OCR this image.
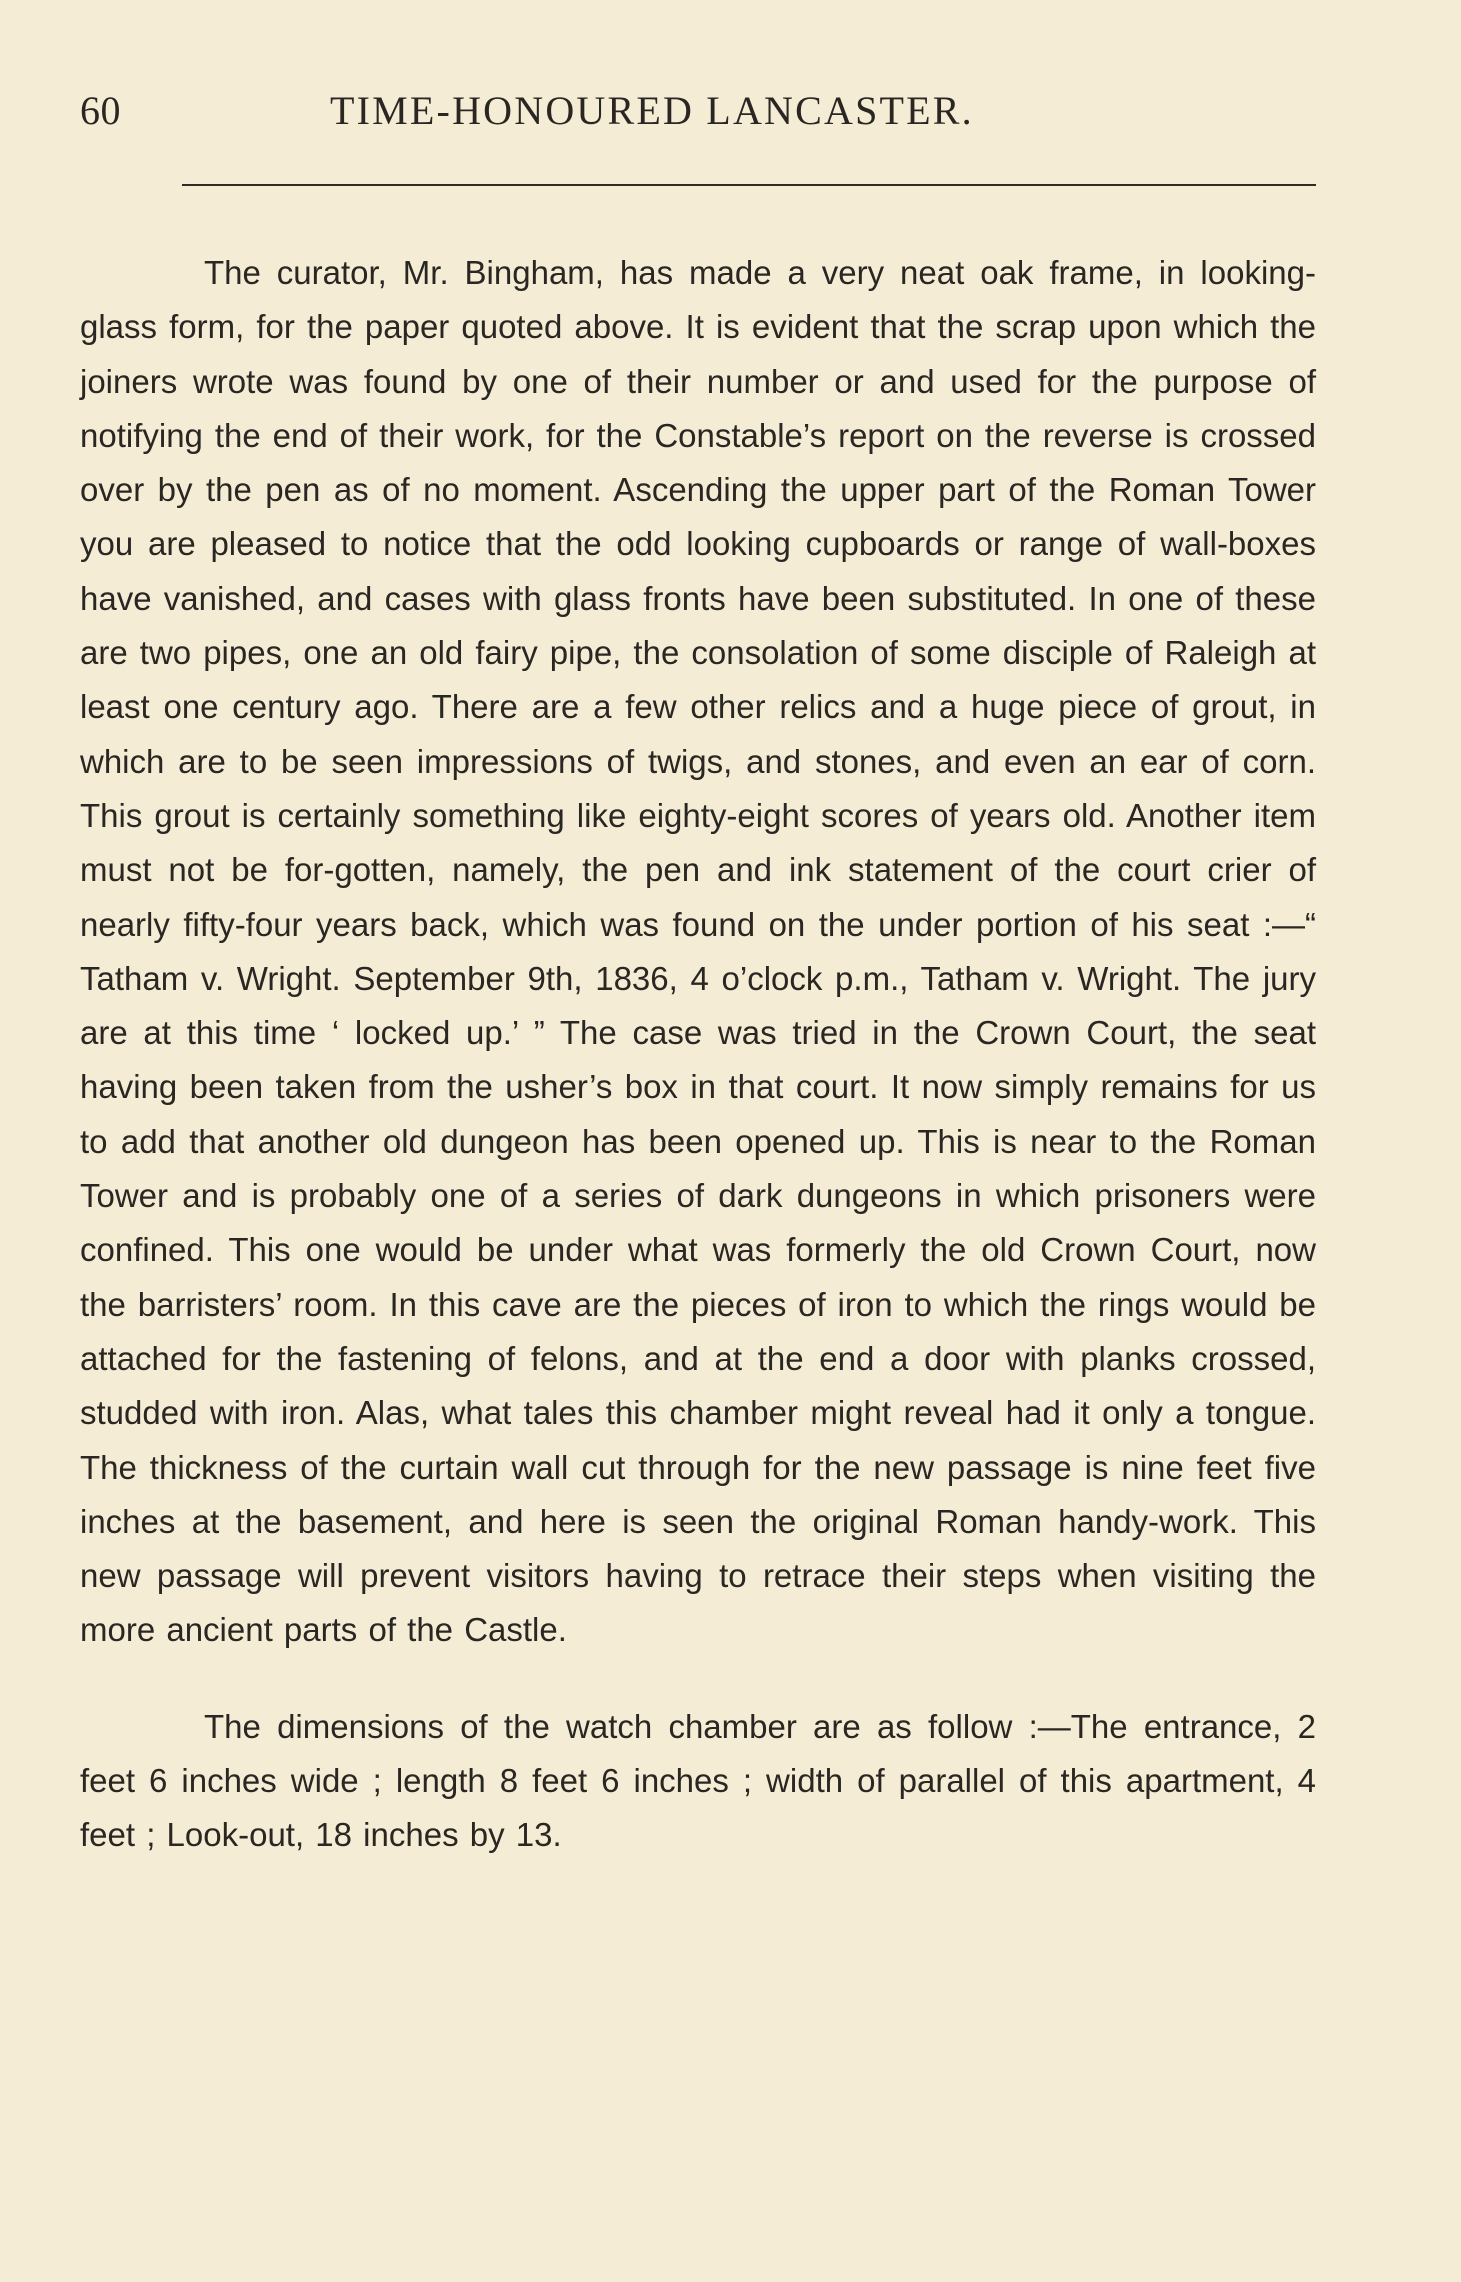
60	TIME-HONOURED LANCASTER.

The curator, Mr. Bingham, has made a very neat oak frame, in looking-glass form, for the paper quoted above. It is evident that the scrap upon which the joiners wrote was found by one of their number or and used for the purpose of notifying the end of their work, for the Constable’s report on the reverse is crossed over by the pen as of no moment. Ascending the upper part of the Roman Tower you are pleased to notice that the odd looking cupboards or range of wall-boxes have vanished, and cases with glass fronts have been substituted. In one of these are two pipes, one an old fairy pipe, the consolation of some disciple of Raleigh at least one century ago. There are a few other relics and a huge piece of grout, in which are to be seen impressions of twigs, and stones, and even an ear of corn. This grout is certainly something like eighty-eight scores of years old. Another item must not be for-gotten, namely, the pen and ink statement of the court crier of nearly fifty-four years back, which was found on the under portion of his seat :—“ Tatham v. Wright. September 9th, 1836, 4 o’clock p.m., Tatham v. Wright. The jury are at this time ‘ locked up.’ ” The case was tried in the Crown Court, the seat having been taken from the usher’s box in that court. It now simply remains for us to add that another old dungeon has been opened up. This is near to the Roman Tower and is probably one of a series of dark dungeons in which prisoners were confined. This one would be under what was formerly the old Crown Court, now the barristers’ room. In this cave are the pieces of iron to which the rings would be attached for the fastening of felons, and at the end a door with planks crossed, studded with iron. Alas, what tales this chamber might reveal had it only a tongue. The thickness of the curtain wall cut through for the new passage is nine feet five inches at the basement, and here is seen the original Roman handy-work. This new passage will prevent visitors having to retrace their steps when visiting the more ancient parts of the Castle.

The dimensions of the watch chamber are as follow :—The entrance, 2 feet 6 inches wide ; length 8 feet 6 inches ; width of parallel of this apartment, 4 feet ; Look-out, 18 inches by 13.
